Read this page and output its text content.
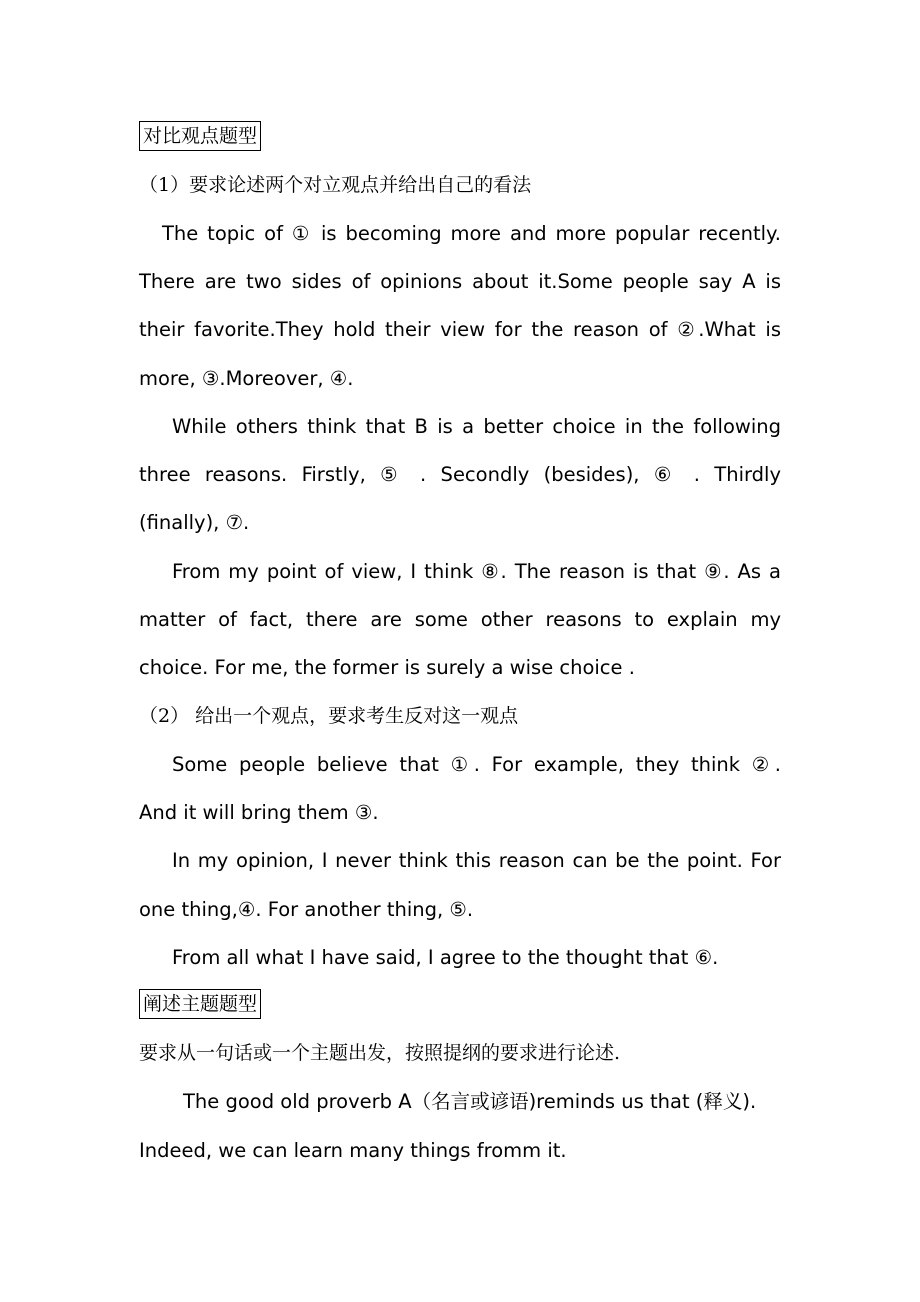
对比观点题型
（1）要求论述两个对立观点并给出自己的看法
The topic of ① is becoming more and more popular recently.
There are two sides of opinions about it.Some people say A is
their favorite.They hold their view for the reason of ②.What is
more, ③.Moreover, ④.
While others think that B is a better choice in the following
three reasons. Firstly, ⑤ . Secondly (besides), ⑥ . Thirdly
(finally), ⑦.
From my point of view, I think ⑧. The reason is that ⑨. As a
matter of fact, there are some other reasons to explain my
choice. For me, the former is surely a wise choice .
（2） 给出一个观点，要求考生反对这一观点
Some people believe that ①. For example, they think ②.
And it will bring them ③.
In my opinion, I never think this reason can be the point. For
one thing,④. For another thing, ⑤.
From all what I have said, I agree to the thought that ⑥.
阐述主题题型
要求从一句话或一个主题出发，按照提纲的要求进行论述.
The good old proverb A（名言或谚语)reminds us that (释义).
Indeed, we can learn many things fromm it.
